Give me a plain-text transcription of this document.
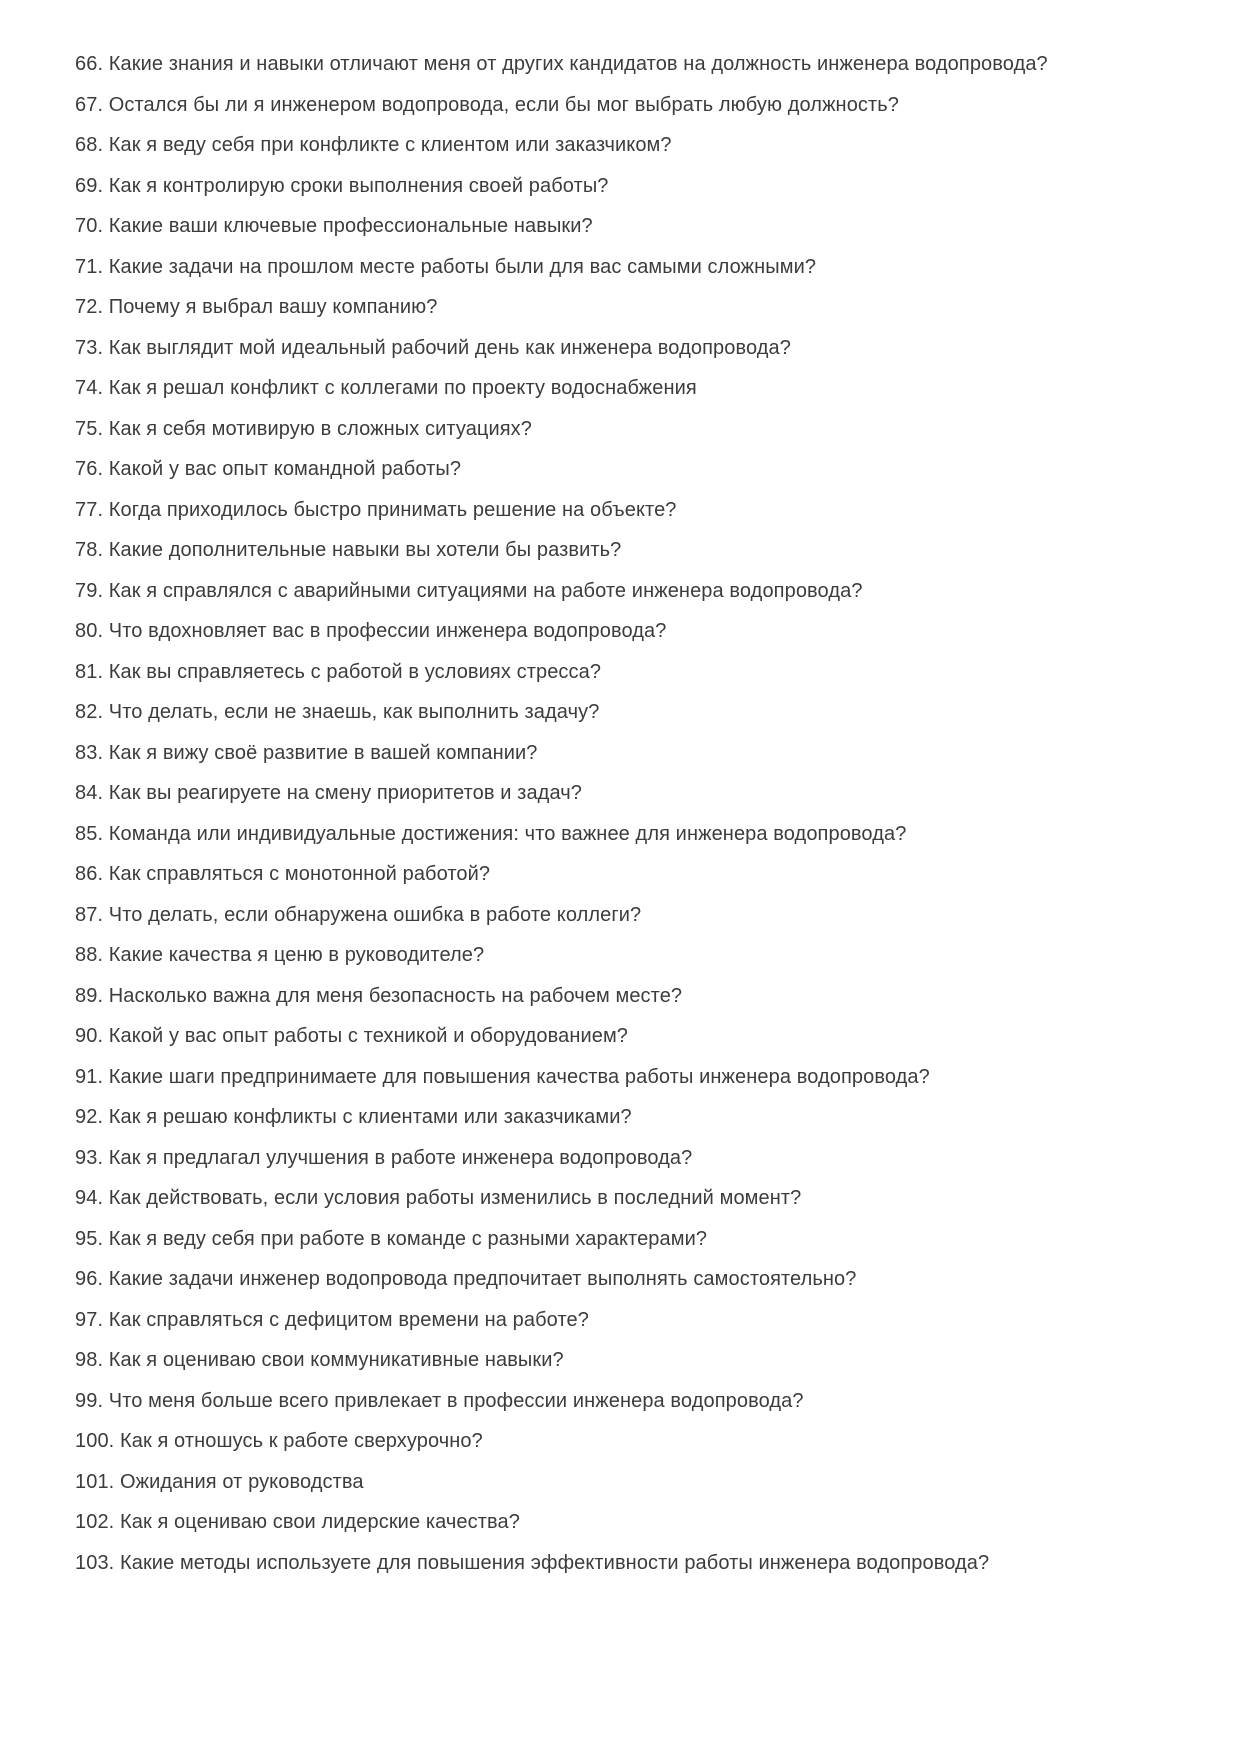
66. Какие знания и навыки отличают меня от других кандидатов на должность инженера водопровода?

67. Остался бы ли я инженером водопровода, если бы мог выбрать любую должность?

68. Как я веду себя при конфликте с клиентом или заказчиком?

69. Как я контролирую сроки выполнения своей работы?

70. Какие ваши ключевые профессиональные навыки?

71. Какие задачи на прошлом месте работы были для вас самыми сложными?

72. Почему я выбрал вашу компанию?

73. Как выглядит мой идеальный рабочий день как инженера водопровода?

74. Как я решал конфликт с коллегами по проекту водоснабжения

75. Как я себя мотивирую в сложных ситуациях?

76. Какой у вас опыт командной работы?

77. Когда приходилось быстро принимать решение на объекте?

78. Какие дополнительные навыки вы хотели бы развить?

79. Как я справлялся с аварийными ситуациями на работе инженера водопровода?

80. Что вдохновляет вас в профессии инженера водопровода?

81. Как вы справляетесь с работой в условиях стресса?

82. Что делать, если не знаешь, как выполнить задачу?

83. Как я вижу своё развитие в вашей компании?

84. Как вы реагируете на смену приоритетов и задач?

85. Команда или индивидуальные достижения: что важнее для инженера водопровода?

86. Как справляться с монотонной работой?

87. Что делать, если обнаружена ошибка в работе коллеги?

88. Какие качества я ценю в руководителе?

89. Насколько важна для меня безопасность на рабочем месте?

90. Какой у вас опыт работы с техникой и оборудованием?

91. Какие шаги предпринимаете для повышения качества работы инженера водопровода?

92. Как я решаю конфликты с клиентами или заказчиками?

93. Как я предлагал улучшения в работе инженера водопровода?

94. Как действовать, если условия работы изменились в последний момент?

95. Как я веду себя при работе в команде с разными характерами?

96. Какие задачи инженер водопровода предпочитает выполнять самостоятельно?

97. Как справляться с дефицитом времени на работе?

98. Как я оцениваю свои коммуникативные навыки?

99. Что меня больше всего привлекает в профессии инженера водопровода?

100. Как я отношусь к работе сверхурочно?

101. Ожидания от руководства

102. Как я оцениваю свои лидерские качества?

103. Какие методы используете для повышения эффективности работы инженера водопровода?
